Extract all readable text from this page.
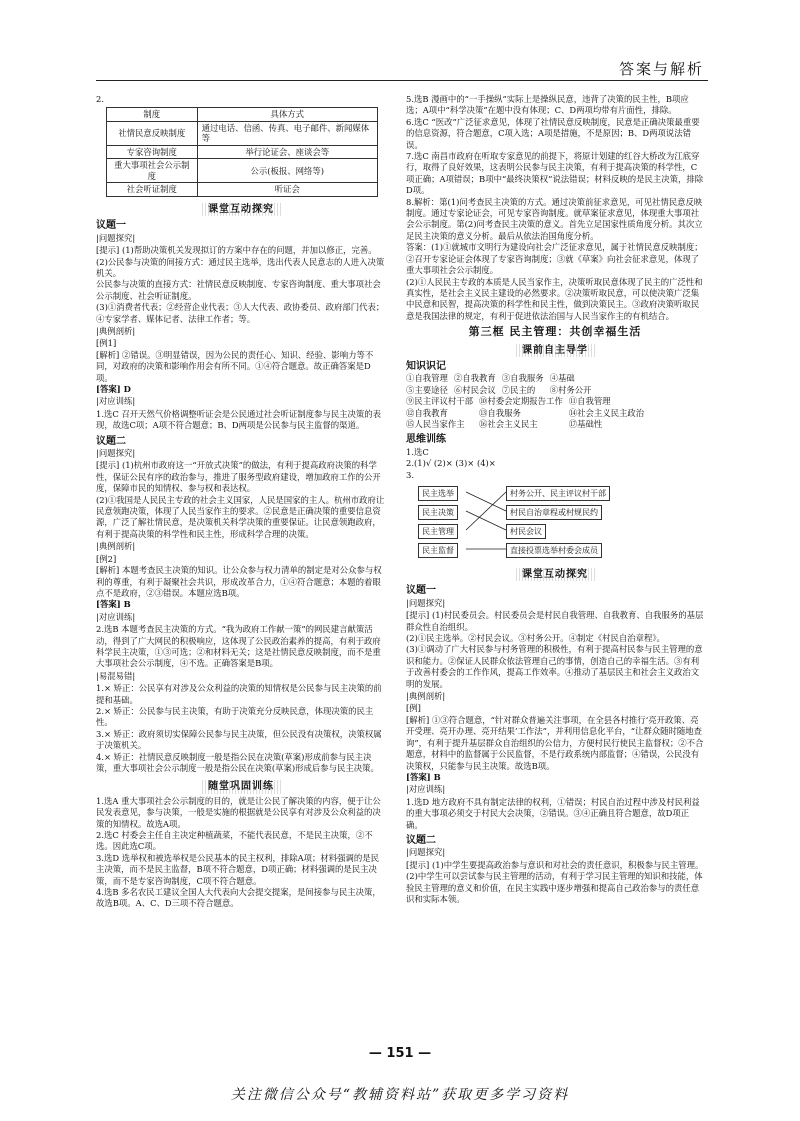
答案与解析

2.

制度	具体方式
社情民意反映制度	通过电话、信函、传真、电子邮件、新闻媒体等
专家咨询制度	举行论证会、座谈会等
重大事项社会公示制度	公示(板报、网络等)
社会听证制度	听证会
课堂互动探究
议题一
|问题探究|

[提示] (1)帮助决策机关发现拟订的方案中存在的问题，并加以修正，完善。

(2)公民参与决策的间接方式：通过民主选举，选出代表人民意志的人进入决策机关。

公民参与决策的直接方式：社情民意反映制度、专家咨询制度、重大事项社会公示制度、社会听证制度。

(3)①消费者代表；②经营企业代表；③人大代表、政协委员、政府部门代表；④专家学者、媒体记者、法律工作者；等。

|典例剖析|

[例1]

[解析] ②错误。③明显错误，因为公民的责任心、知识、经验、影响力等不同，对政府的决策和影响作用会有所不同。①④符合题意。故正确答案是D项。

[答案] D

|对应训练|

1.选C 召开天然气价格调整听证会是公民通过社会听证制度参与民主决策的表现，故选C项；A项不符合题意；B、D两项是公民参与民主监督的渠道。

议题二
|问题探究|

[提示] (1)杭州市政府这一“开放式决策”的做法，有利于提高政府决策的科学性，保证公民有序的政治参与，推进了服务型政府建设，增加政府工作的公开度，保障市民的知情权、参与权和表达权。

(2)①我国是人民民主专政的社会主义国家，人民是国家的主人。杭州市政府让民意领跑决策，体现了人民当家作主的要求。②民意是正确决策的重要信息资源，广泛了解社情民意，是决策机关科学决策的重要保证。让民意领跑政府，有利于提高决策的科学性和民主性，形成科学合理的决策。

|典例剖析|

[例2]

[解析] 本题考查民主决策的知识。让公众参与权力清单的制定是对公众参与权利的尊重，有利于凝聚社会共识，形成改革合力，①④符合题意；本题的着眼点不是政府，②③错误。本题应选B项。

[答案] B

|对应训练|

2.选B 本题考查民主决策的方式。“我为政府工作献一策”的网民建言献策活动，得到了广大网民的积极响应，这体现了公民政治素养的提高，有利于政府科学民主决策，①③可选；②和材料无关；这是社情民意反映制度，而不是重大事项社会公示制度，④不选。正确答案是B项。

|易混易错|

1.× 矫正：公民享有对涉及公众利益的决策的知情权是公民参与民主决策的前提和基础。

2.× 矫正：公民参与民主决策，有助于决策充分反映民意，体现决策的民主性。

3.× 矫正：政府须切实保障公民参与民主决策，但公民没有决策权，决策权属于决策机关。

4.× 矫正：社情民意反映制度一般是指公民在决策(草案)形成前参与民主决策，重大事项社会公示制度一般是指公民在决策(草案)形成后参与民主决策。

随堂巩固训练

1.选A 重大事项社会公示制度的目的，就是让公民了解决策的内容，便于让公民发表意见，参与决策，一般是实施的根据就是公民享有对涉及公众利益的决策的知情权。故选A项。

2.选C 村委会主任自主决定种植蔬菜，不能代表民意，不是民主决策，②不选。因此选C项。

3.选D 选举权和被选举权是公民基本的民主权利，排除A项；材料强调的是民主决策，而不是民主监督，B项不符合题意，D项正确；材料强调的是民主决策，而不是专家咨询制度，C项不符合题意。

4.选B 多名农民工建议全国人大代表向大会提交提案，是间接参与民主决策，故选B项。A、C、D三项不符合题意。

5.选B 漫画中的“一手操纵”实际上是操纵民意，违背了决策的民主性，B项应选；A项中“科学决策”在题中没有体现；C、D两项均带有片面性，排除。

6.选C “医改”广泛征求意见，体现了社情民意反映制度，民意是正确决策最重要的信息资源，符合题意，C项入选；A项是措施，不是原因；B、D两项说法错误。

7.选C 南昌市政府在听取专家意见的前提下，将原计划建的红谷大桥改为江底穿行，取得了良好效果，这表明公民参与民主决策，有利于提高决策的科学性，C项正确；A项错误；B项中“最终决策权”说法错误；材料反映的是民主决策，排除D项。

8.解析：第(1)问考查民主决策的方式。通过决策前征求意见，可见社情民意反映制度。通过专家论证会，可见专家咨询制度。就草案征求意见，体现重大事项社会公示制度。第(2)问考查民主决策的意义。首先立足国家性质角度分析。其次立足民主决策的意义分析。最后从依法治国角度分析。

答案：(1)①就城市文明行为建设向社会广泛征求意见，属于社情民意反映制度；②召开专家论证会体现了专家咨询制度；③就《草案》向社会征求意见，体现了重大事项社会公示制度。

(2)①人民民主专政的本质是人民当家作主，决策听取民意体现了民主的广泛性和真实性，是社会主义民主建设的必然要求。②决策听取民意，可以使决策广泛集中民意和民智，提高决策的科学性和民主性，做到决策民主。③政府决策听取民意是我国法律的规定，有利于促进依法治国与人民当家作主的有机结合。

第三框 民主管理：共创幸福生活
课前自主导学
知识识记
①自我管理 ②自我教育 ③自我服务 ④基础
⑤主要途径 ⑥村民会议 ⑦民主的	⑧村务公开
⑨民主评议村干部 ⑩村委会定期报告工作 ⑪自我管理
⑫自我教育	⑬自我服务	⑭社会主义民主政治
⑮人民当家作主	⑯社会主义民主	⑰基础性
思维训练

1.选C

2.(1)√ (2)× (3)× (4)×

3.

民主选举
民主决策
民主管理
民主监督
村务公开、民主评议村干部
村民自治章程或村规民约
村民会议
直接投票选举村委会成员
课堂互动探究
议题一
|问题探究|

[提示] (1)村民委员会。村民委员会是村民自我管理、自我教育、自我服务的基层群众性自治组织。

(2)①民主选举。②村民会议。③村务公开。④制定《村民自治章程》。

(3)①调动了广大村民参与村务管理的积极性，有利于提高村民参与民主管理的意识和能力。②保证人民群众依法管理自己的事情，创造自己的幸福生活。③有利于改善村委会的工作作风，提高工作效率。④推动了基层民主和社会主义政治文明的发展。

|典例剖析|

[例]

[解析] ①③符合题意，“针对群众普遍关注事项，在全县各村推行‘亮开政策、亮开受理、亮开办理、亮开结果’工作法”，并利用信息化平台，“让群众随时随地查询”，有利于提升基层群众自治组织的公信力，方便村民行使民主监督权；②不合题意，材料中的监督属于公民监督，不是行政系统内部监督；④错误，公民没有决策权，只能参与民主决策。故选B项。

[答案] B

|对应训练|

1.选D 地方政府不具有制定法律的权利，①错误；村民自治过程中涉及村民利益的重大事项必须交于村民大会决策，②错误。③④正确且符合题意，故D项正确。

议题二
|问题探究|

[提示] (1)中学生要提高政治参与意识和对社会的责任意识，积极参与民主管理。

(2)中学生可以尝试参与民主管理的活动，有利于学习民主管理的知识和技能，体验民主管理的意义和价值，在民主实践中逐步增强和提高自己政治参与的责任意识和实际本领。

— 151 —
关注微信公众号“教辅资料站”获取更多学习资料
